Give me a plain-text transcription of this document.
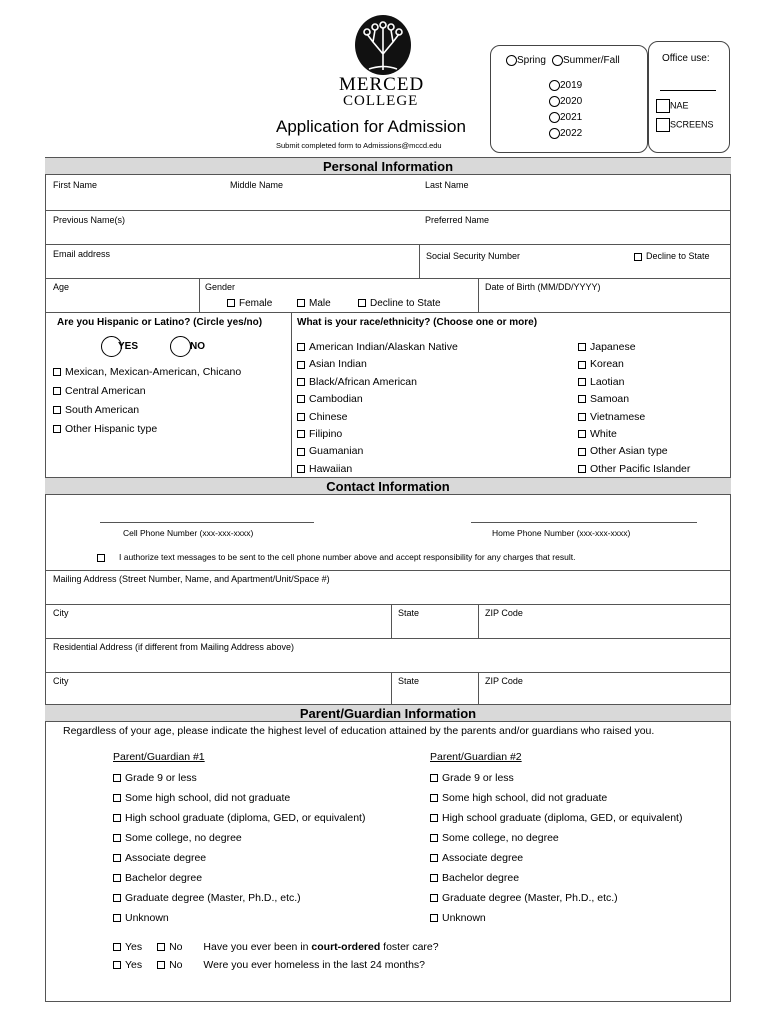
MERCED
COLLEGE
Application for Admission
Submit completed form to Admissions@mccd.edu
Spring	Summer/Fall
2019
2020
2021
2022
Office use:
NAE
SCREENS
Personal Information
First Name	Middle Name	Last Name
Previous Name(s)	Preferred Name
Email address	Social Security Number	Decline to State
Age	Gender
Female	Male	Decline to State
Date of Birth (MM/DD/YYYY)
Are you Hispanic or Latino? (Circle yes/no)
YES	NO
Mexican, Mexican-American, Chicano
Central American
South American
Other Hispanic type
What is your race/ethnicity? (Choose one or more)
American Indian/Alaskan Native
Asian Indian
Black/African American
Cambodian
Chinese
Filipino
Guamanian
Hawaiian
Japanese
Korean
Laotian
Samoan
Vietnamese
White
Other Asian type
Other Pacific Islander
Contact Information
Cell Phone Number (xxx-xxx-xxxx)	Home Phone Number (xxx-xxx-xxxx)
I authorize text messages to be sent to the cell phone number above and accept responsibility for any charges that result.
Mailing Address (Street Number, Name, and Apartment/Unit/Space #)
City	State	ZIP Code
Residential Address (if different from Mailing Address above)
City	State	ZIP Code
Parent/Guardian Information
Regardless of your age, please indicate the highest level of education attained by the parents and/or guardians who raised you.
Parent/Guardian #1	Parent/Guardian #2
Grade 9 or less
Some high school, did not graduate
High school graduate (diploma, GED, or equivalent)
Some college, no degree
Associate degree
Bachelor degree
Graduate degree (Master, Ph.D., etc.)
Unknown
Grade 9 or less
Some high school, did not graduate
High school graduate (diploma, GED, or equivalent)
Some college, no degree
Associate degree
Bachelor degree
Graduate degree (Master, Ph.D., etc.)
Unknown
Yes	No Have you ever been in court-ordered foster care?
Yes	No Were you ever homeless in the last 24 months?
